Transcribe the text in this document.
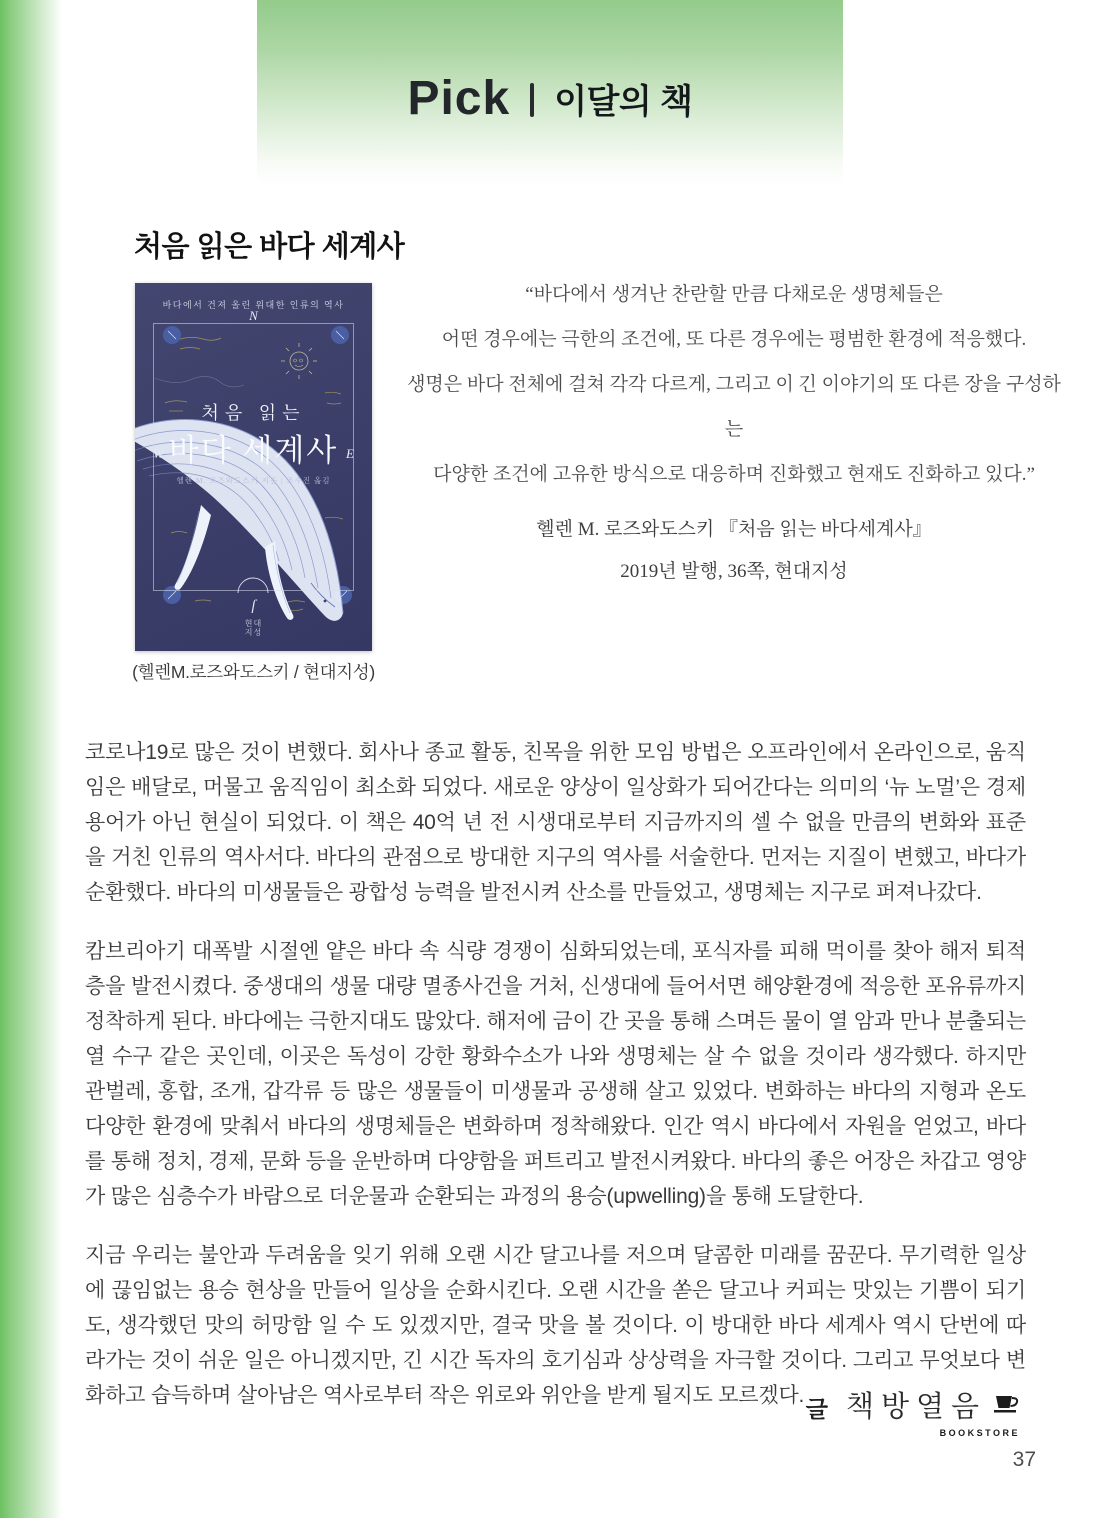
Pick 이달의 책
처음 읽은 바다 세계사
바다에서 건져 올린 위대한 인류의 역사
N
W	E
처음 읽는
바다 세계사
헬렌 M. 로즈와도스키 지음 | 조수진 옮김
ſ
현대
지성
(헬렌M.로즈와도스키 / 현대지성)
“바다에서 생겨난 찬란할 만큼 다채로운 생명체들은
어떤 경우에는 극한의 조건에, 또 다른 경우에는 평범한 환경에 적응했다.
생명은 바다 전체에 걸쳐 각각 다르게, 그리고 이 긴 이야기의 또 다른 장을 구성하는
다양한 조건에 고유한 방식으로 대응하며 진화했고 현재도 진화하고 있다.”
헬렌 M. 로즈와도스키 『처음 읽는 바다세계사』
2019년 발행, 36쪽, 현대지성

코로나19로 많은 것이 변했다. 회사나 종교 활동, 친목을 위한 모임 방법은 오프라인에서 온라인으로, 움직임은 배달로, 머물고 움직임이 최소화 되었다. 새로운 양상이 일상화가 되어간다는 의미의 ‘뉴 노멀’은 경제용어가 아닌 현실이 되었다. 이 책은 40억 년 전 시생대로부터 지금까지의 셀 수 없을 만큼의 변화와 표준을 거친 인류의 역사서다. 바다의 관점으로 방대한 지구의 역사를 서술한다. 먼저는 지질이 변했고, 바다가 순환했다. 바다의 미생물들은 광합성 능력을 발전시켜 산소를 만들었고, 생명체는 지구로 퍼져나갔다.

캄브리아기 대폭발 시절엔 얕은 바다 속 식량 경쟁이 심화되었는데, 포식자를 피해 먹이를 찾아 해저 퇴적층을 발전시켰다. 중생대의 생물 대량 멸종사건을 거처, 신생대에 들어서면 해양환경에 적응한 포유류까지 정착하게 된다. 바다에는 극한지대도 많았다. 해저에 금이 간 곳을 통해 스며든 물이 열 암과 만나 분출되는 열 수구 같은 곳인데, 이곳은 독성이 강한 황화수소가 나와 생명체는 살 수 없을 것이라 생각했다. 하지만 관벌레, 홍합, 조개, 갑각류 등 많은 생물들이 미생물과 공생해 살고 있었다. 변화하는 바다의 지형과 온도 다양한 환경에 맞춰서 바다의 생명체들은 변화하며 정착해왔다. 인간 역시 바다에서 자원을 얻었고, 바다를 통해 정치, 경제, 문화 등을 운반하며 다양함을 퍼트리고 발전시켜왔다. 바다의 좋은 어장은 차갑고 영양가 많은 심층수가 바람으로 더운물과 순환되는 과정의 용승(upwelling)을 통해 도달한다.

지금 우리는 불안과 두려움을 잊기 위해 오랜 시간 달고나를 저으며 달콤한 미래를 꿈꾼다. 무기력한 일상에 끊임없는 용승 현상을 만들어 일상을 순화시킨다. 오랜 시간을 쏟은 달고나 커피는 맛있는 기쁨이 되기도, 생각했던 맛의 허망함 일 수 도 있겠지만, 결국 맛을 볼 것이다. 이 방대한 바다 세계사 역시 단번에 따라가는 것이 쉬운 일은 아니겠지만, 긴 시간 독자의 호기심과 상상력을 자극할 것이다. 그리고 무엇보다 변화하고 습득하며 살아남은 역사로부터 작은 위로와 위안을 받게 될지도 모르겠다.

글 책방열음
BOOKSTORE
37
